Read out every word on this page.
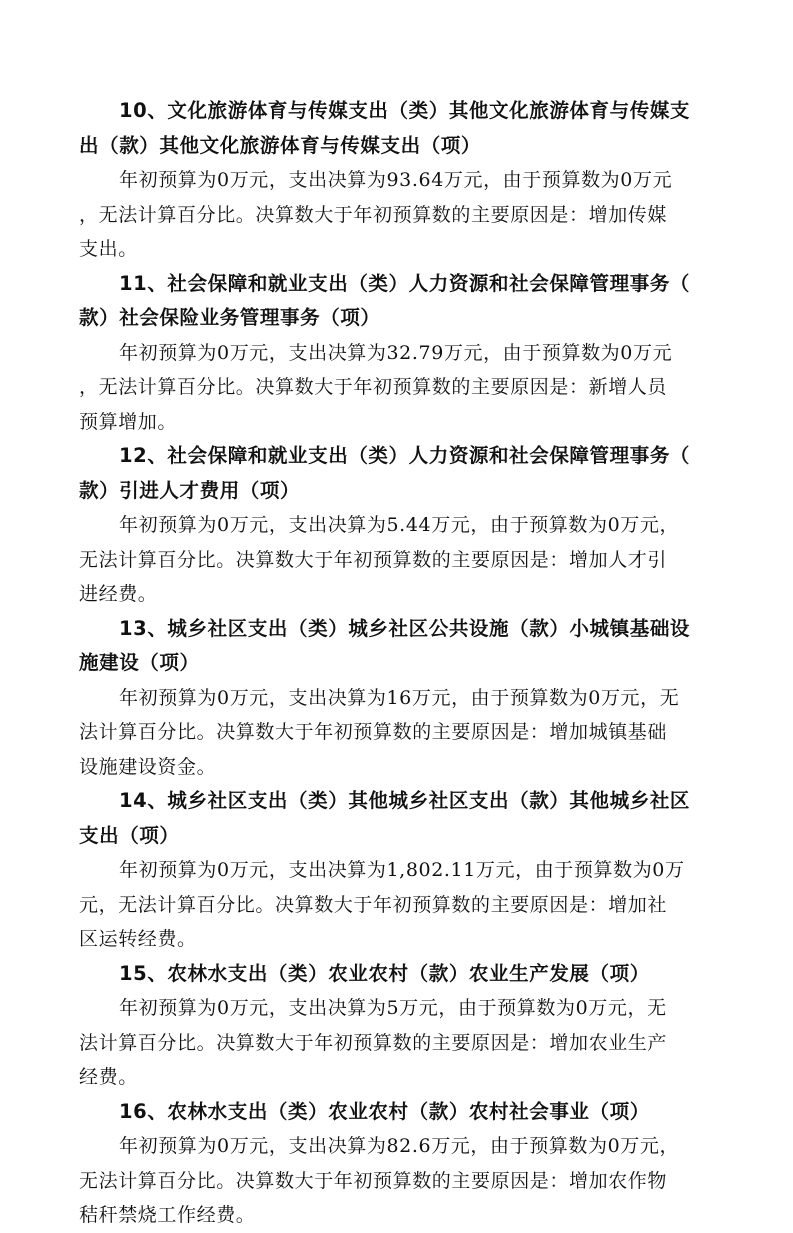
10、文化旅游体育与传媒支出（类）其他文化旅游体育与传媒支
出（款）其他文化旅游体育与传媒支出（项）

年初预算为0万元，支出决算为93.64万元，由于预算数为0万元
，无法计算百分比。决算数大于年初预算数的主要原因是：增加传媒
支出。

11、社会保障和就业支出（类）人力资源和社会保障管理事务（
款）社会保险业务管理事务（项）

年初预算为0万元，支出决算为32.79万元，由于预算数为0万元
，无法计算百分比。决算数大于年初预算数的主要原因是：新增人员
预算增加。

12、社会保障和就业支出（类）人力资源和社会保障管理事务（
款）引进人才费用（项）

年初预算为0万元，支出决算为5.44万元，由于预算数为0万元，
无法计算百分比。决算数大于年初预算数的主要原因是：增加人才引
进经费。

13、城乡社区支出（类）城乡社区公共设施（款）小城镇基础设
施建设（项）

年初预算为0万元，支出决算为16万元，由于预算数为0万元，无
法计算百分比。决算数大于年初预算数的主要原因是：增加城镇基础
设施建设资金。

14、城乡社区支出（类）其他城乡社区支出（款）其他城乡社区
支出（项）

年初预算为0万元，支出决算为1,802.11万元，由于预算数为0万
元，无法计算百分比。决算数大于年初预算数的主要原因是：增加社
区运转经费。

15、农林水支出（类）农业农村（款）农业生产发展（项）

年初预算为0万元，支出决算为5万元，由于预算数为0万元，无
法计算百分比。决算数大于年初预算数的主要原因是：增加农业生产
经费。

16、农林水支出（类）农业农村（款）农村社会事业（项）

年初预算为0万元，支出决算为82.6万元，由于预算数为0万元，
无法计算百分比。决算数大于年初预算数的主要原因是：增加农作物
秸秆禁烧工作经费。
